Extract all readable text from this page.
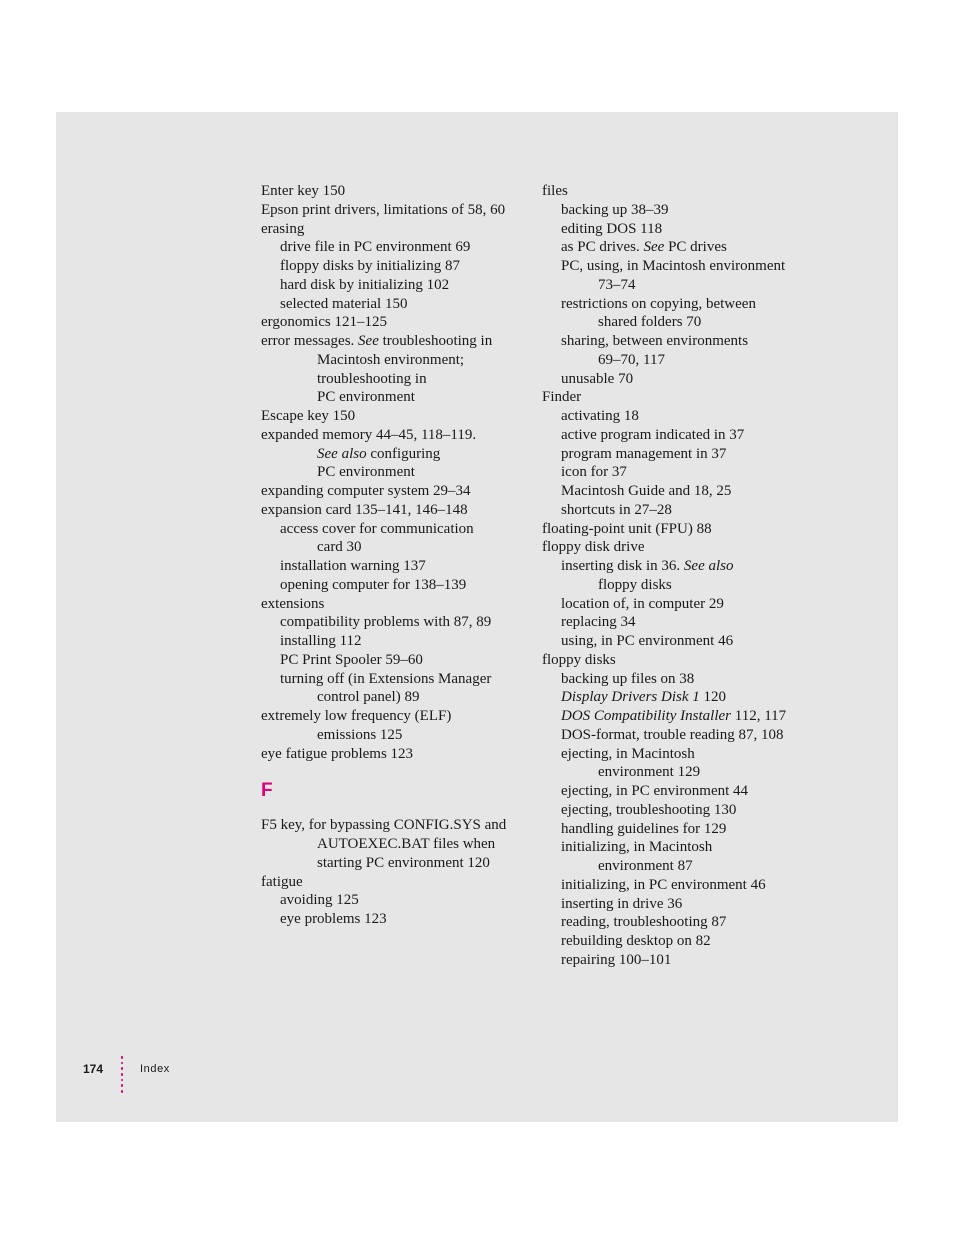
Enter key 150
Epson print drivers, limitations of 58, 60
erasing
drive file in PC environment 69
floppy disks by initializing 87
hard disk by initializing 102
selected material 150
ergonomics 121–125
error messages. See troubleshooting in
Macintosh environment;
troubleshooting in
PC environment
Escape key 150
expanded memory 44–45, 118–119.
See also configuring
PC environment
expanding computer system 29–34
expansion card 135–141, 146–148
access cover for communication
card 30
installation warning 137
opening computer for 138–139
extensions
compatibility problems with 87, 89
installing 112
PC Print Spooler 59–60
turning off (in Extensions Manager
control panel) 89
extremely low frequency (ELF)
emissions 125
eye fatigue problems 123
F
F5 key, for bypassing CONFIG.SYS and
AUTOEXEC.BAT files when
starting PC environment 120
fatigue
avoiding 125
eye problems 123
files
backing up 38–39
editing DOS 118
as PC drives. See PC drives
PC, using, in Macintosh environment
73–74
restrictions on copying, between
shared folders 70
sharing, between environments
69–70, 117
unusable 70
Finder
activating 18
active program indicated in 37
program management in 37
icon for 37
Macintosh Guide and 18, 25
shortcuts in 27–28
floating-point unit (FPU) 88
floppy disk drive
inserting disk in 36. See also
floppy disks
location of, in computer 29
replacing 34
using, in PC environment 46
floppy disks
backing up files on 38
Display Drivers Disk 1 120
DOS Compatibility Installer 112, 117
DOS-format, trouble reading 87, 108
ejecting, in Macintosh
environment 129
ejecting, in PC environment 44
ejecting, troubleshooting 130
handling guidelines for 129
initializing, in Macintosh
environment 87
initializing, in PC environment 46
inserting in drive 36
reading, troubleshooting 87
rebuilding desktop on 82
repairing 100–101
174	Index
